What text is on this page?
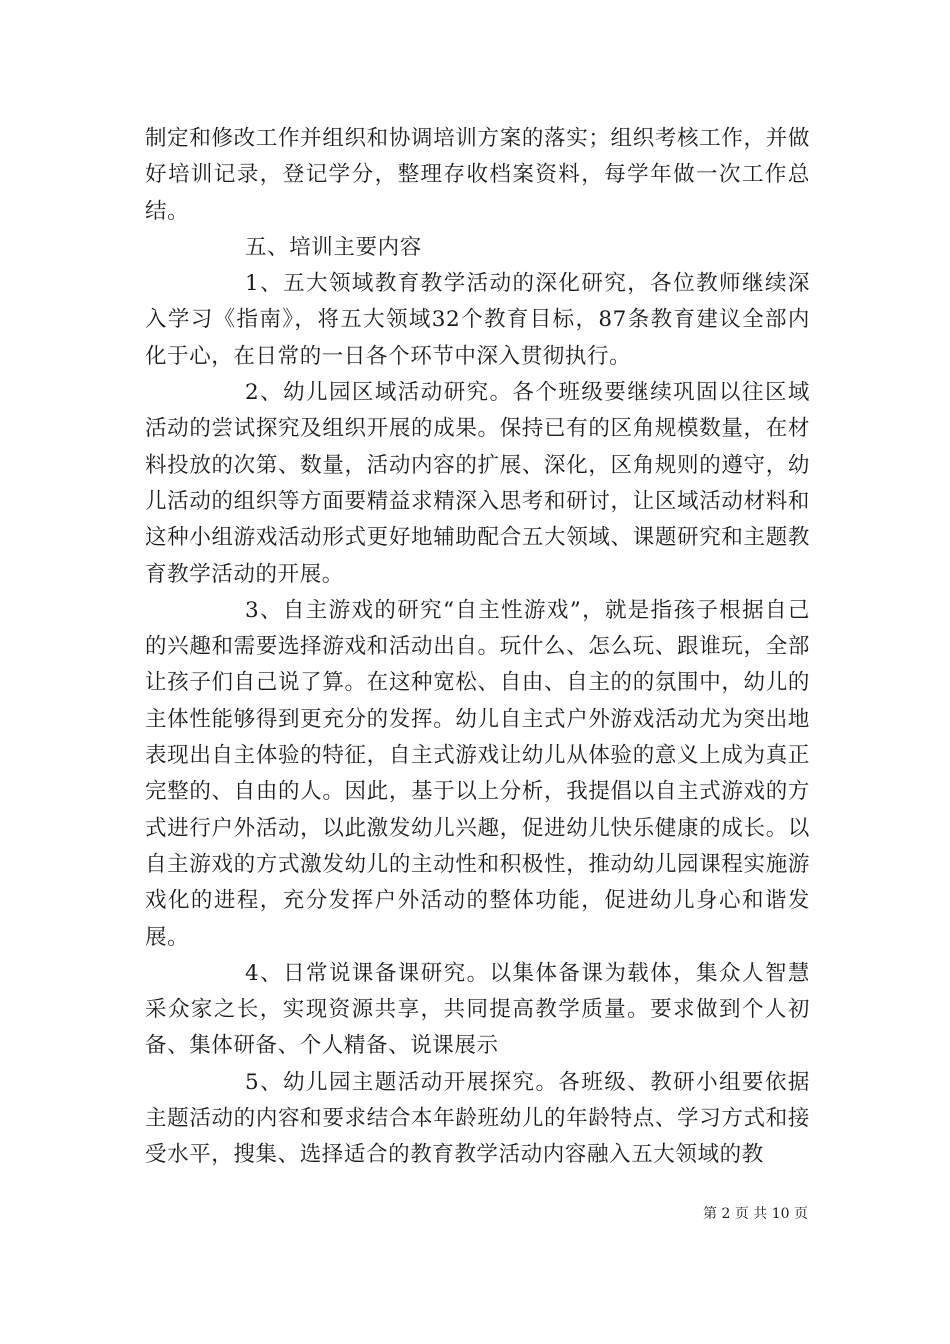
制定和修改工作并组织和协调培训方案的落实；组织考核工作，并做好培训记录，登记学分，整理存收档案资料，每学年做一次工作总结。

五、培训主要内容

1、五大领域教育教学活动的深化研究，各位教师继续深入学习《指南》，将五大领域32个教育目标，87条教育建议全部内化于心，在日常的一日各个环节中深入贯彻执行。

2、幼儿园区域活动研究。各个班级要继续巩固以往区域活动的尝试探究及组织开展的成果。保持已有的区角规模数量，在材料投放的次第、数量，活动内容的扩展、深化，区角规则的遵守，幼儿活动的组织等方面要精益求精深入思考和研讨，让区域活动材料和这种小组游戏活动形式更好地辅助配合五大领域、课题研究和主题教育教学活动的开展。

3、自主游戏的研究“自主性游戏”，就是指孩子根据自己的兴趣和需要选择游戏和活动出自。玩什么、怎么玩、跟谁玩，全部让孩子们自己说了算。在这种宽松、自由、自主的的氛围中，幼儿的主体性能够得到更充分的发挥。幼儿自主式户外游戏活动尤为突出地表现出自主体验的特征，自主式游戏让幼儿从体验的意义上成为真正完整的、自由的人。因此，基于以上分析，我提倡以自主式游戏的方式进行户外活动，以此激发幼儿兴趣，促进幼儿快乐健康的成长。以自主游戏的方式激发幼儿的主动性和积极性，推动幼儿园课程实施游戏化的进程，充分发挥户外活动的整体功能，促进幼儿身心和谐发展。

4、日常说课备课研究。以集体备课为载体，集众人智慧采众家之长，实现资源共享，共同提高教学质量。要求做到个人初备、集体研备、个人精备、说课展示

5、幼儿园主题活动开展探究。各班级、教研小组要依据主题活动的内容和要求结合本年龄班幼儿的年龄特点、学习方式和接受水平，搜集、选择适合的教育教学活动内容融入五大领域的教

第 2 页 共 10 页
